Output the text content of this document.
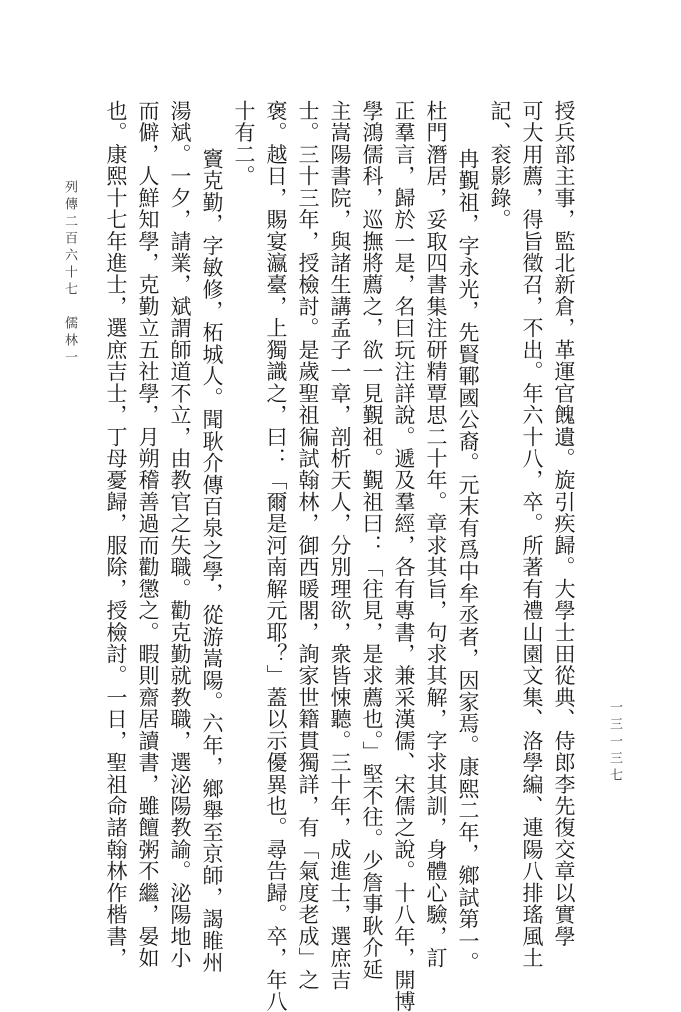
授兵部主事，監北新倉，革運官餽遺。旋引疾歸。大學士田從典、侍郎李先復交章以實學
可大用薦，得旨徵召，不出。年六十八，卒。所著有禮山園文集、洛學編、連陽八排瑤風土
記、衮影錄。
冉覲祖，字永光，先賢鄆國公裔。元末有爲中牟丞者，因家焉。康熙二年，鄉試第一。
杜門潛居，妥取四書集注研精覃思二十年。章求其旨，句求其解，字求其訓，身體心驗，訂
正羣言，歸於一是，名曰玩注詳說。遞及羣經，各有專書，兼采漢儒、宋儒之說。十八年，開博
學鴻儒科，巡撫將薦之，欲一見覲祖。覲祖曰：「往見，是求薦也。」堅不往。少詹事耿介延
主嵩陽書院，與諸生講孟子一章，剖析天人，分別理欲，衆皆悚聽。三十年，成進士，選庶吉
士。三十三年，授檢討。是歲聖祖徧試翰林，御西暖閣，詢家世籍貫獨詳，有「氣度老成」之
褒。越日，賜宴瀛臺，上獨識之，曰：「爾是河南解元耶？」蓋以示優異也。尋告歸。卒，年八
十有二。
竇克勤，字敏修，柘城人。聞耿介傳百泉之學，從游嵩陽。六年，鄉舉至京師，謁睢州
湯斌。一夕，請業，斌謂師道不立，由教官之失職。勸克勤就教職，選泌陽教諭。泌陽地小
而僻，人鮮知學，克勤立五社學，月朔稽善過而勸懲之。暇則齋居讀書，雖饘粥不繼，晏如
也。康熙十七年進士，選庶吉士，丁母憂歸，服除，授檢討。一日，聖祖命諸翰林作楷書，
列傳二百六十七　儒林一
一三一三七
